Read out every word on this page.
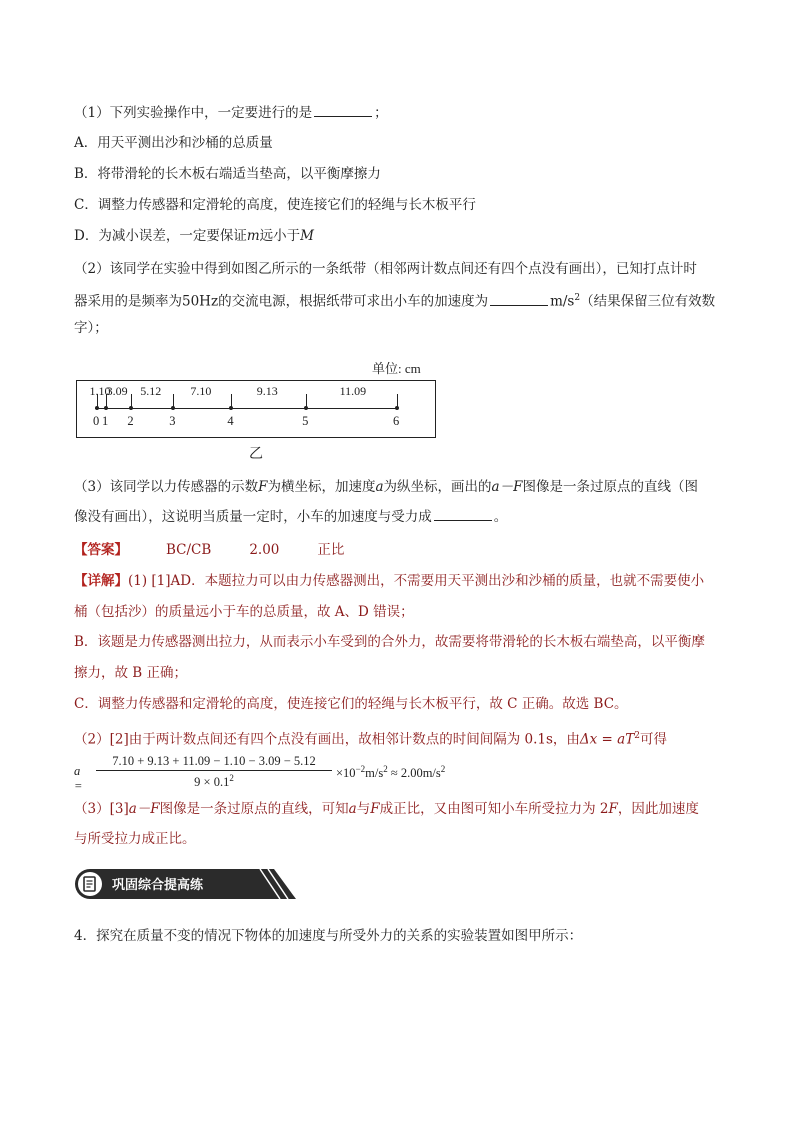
（1）下列实验操作中，一定要进行的是	；
A．用天平测出沙和沙桶的总质量
B．将带滑轮的长木板右端适当垫高，以平衡摩擦力
C．调整力传感器和定滑轮的高度，使连接它们的轻绳与长木板平行
D．为减小误差，一定要保证m远小于M
（2）该同学在实验中得到如图乙所示的一条纸带（相邻两计数点间还有四个点没有画出），已知打点计时
器采用的是频率为50Hz的交流电源，根据纸带可求出小车的加速度为	$m/s^2$（结果保留三位有效数
字）；
单位: cm
0 1 2	3	4	5	6
1.10
3.09 5.12 7.10	9.13	11.09
乙
（3）该同学以力传感器的示数F为横坐标，加速度a为纵坐标，画出的a－F图像是一条过原点的直线（图
像没有画出），这说明当质量一定时，小车的加速度与受力成	。
【答案】	BC/CB	2.00	正比
【详解】(1) [1]AD．本题拉力可以由力传感器测出，不需要用天平测出沙和沙桶的质量，也就不需要使小
桶（包括沙）的质量远小于车的总质量，故 A、D 错误；
B．该题是力传感器测出拉力，从而表示小车受到的合外力，故需要将带滑轮的长木板右端垫高，以平衡摩
擦力，故 B 正确；
C．调整力传感器和定滑轮的高度，使连接它们的轻绳与长木板平行，故 C 正确。故选 BC。
（2）[2]由于两计数点间还有四个点没有画出，故相邻计数点的时间间隔为 0.1s，由$\Delta x = aT^2$可得
a =
7.10 + 9.13 + 11.09 − 1.10 − 3.09 − 5.12
$9 \times 0.1^2$	$\times 10^{-2}m/s^2 \approx 2.00m/s^2$
（3）[3]a－F图像是一条过原点的直线，可知a与F成正比，又由图可知小车所受拉力为 2F，因此加速度
与所受拉力成正比。
巩固综合提高练
4．探究在质量不变的情况下物体的加速度与所受外力的关系的实验装置如图甲所示：
